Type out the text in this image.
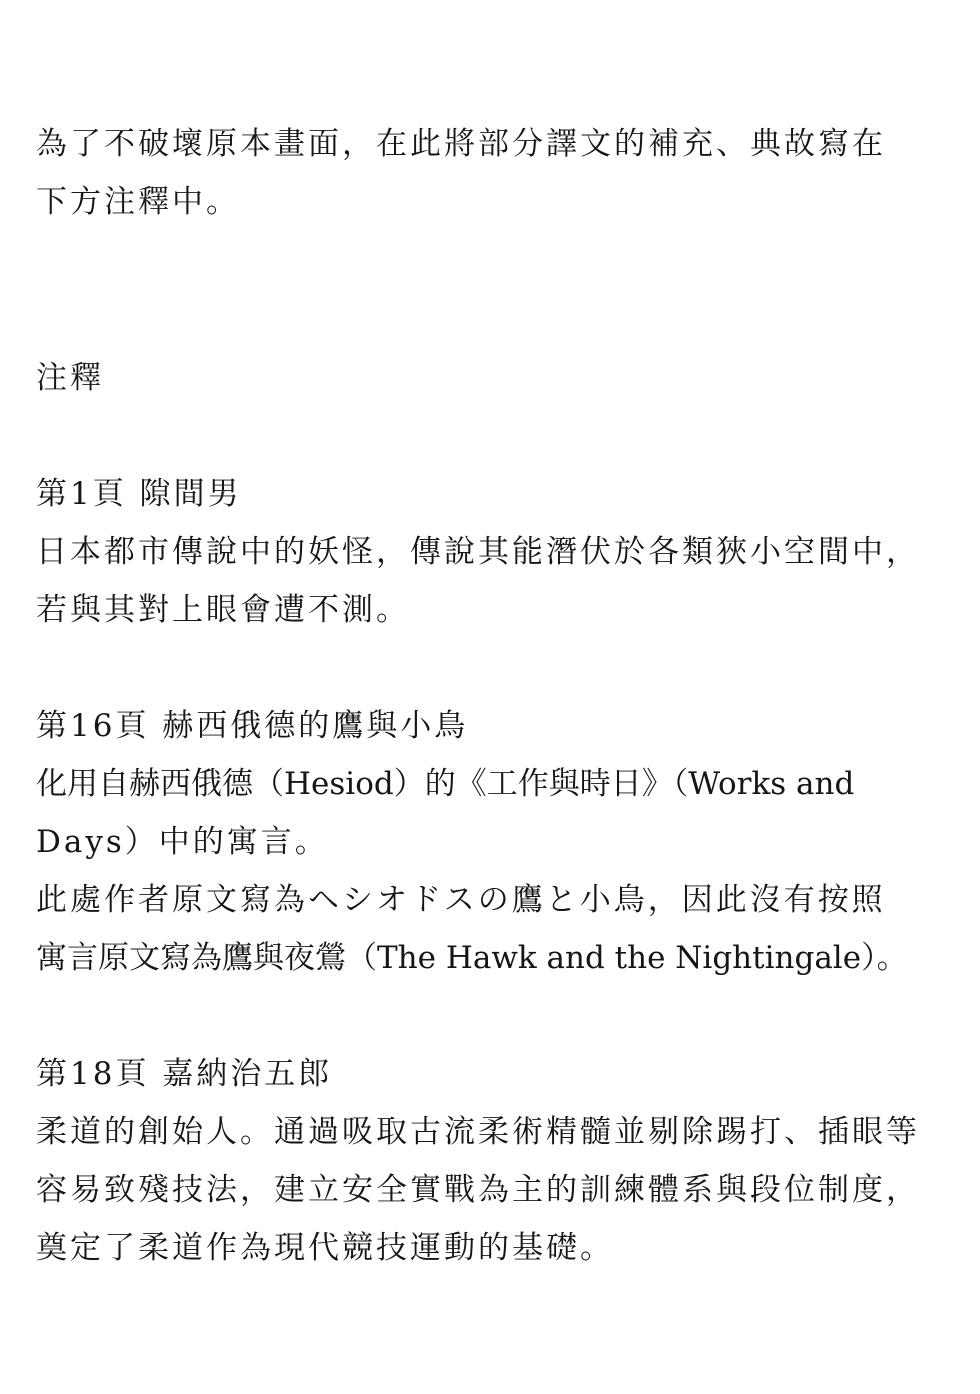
為了不破壞原本畫面，在此將部分譯文的補充、典故寫在
下方注釋中。
注釋
第1頁 隙間男
日本都市傳說中的妖怪，傳說其能潛伏於各類狹小空間中，
若與其對上眼會遭不測。
第16頁 赫西俄德的鷹與小鳥
化用自赫西俄德（Hesiod）的《工作與時日》（Works and
Days）中的寓言。
此處作者原文寫為ヘシオドスの鷹と小鳥，因此沒有按照
寓言原文寫為鷹與夜鶯（The Hawk and the Nightingale）。
第18頁 嘉納治五郎
柔道的創始人。通過吸取古流柔術精髓並剔除踢打、插眼等
容易致殘技法，建立安全實戰為主的訓練體系與段位制度，
奠定了柔道作為現代競技運動的基礎。
